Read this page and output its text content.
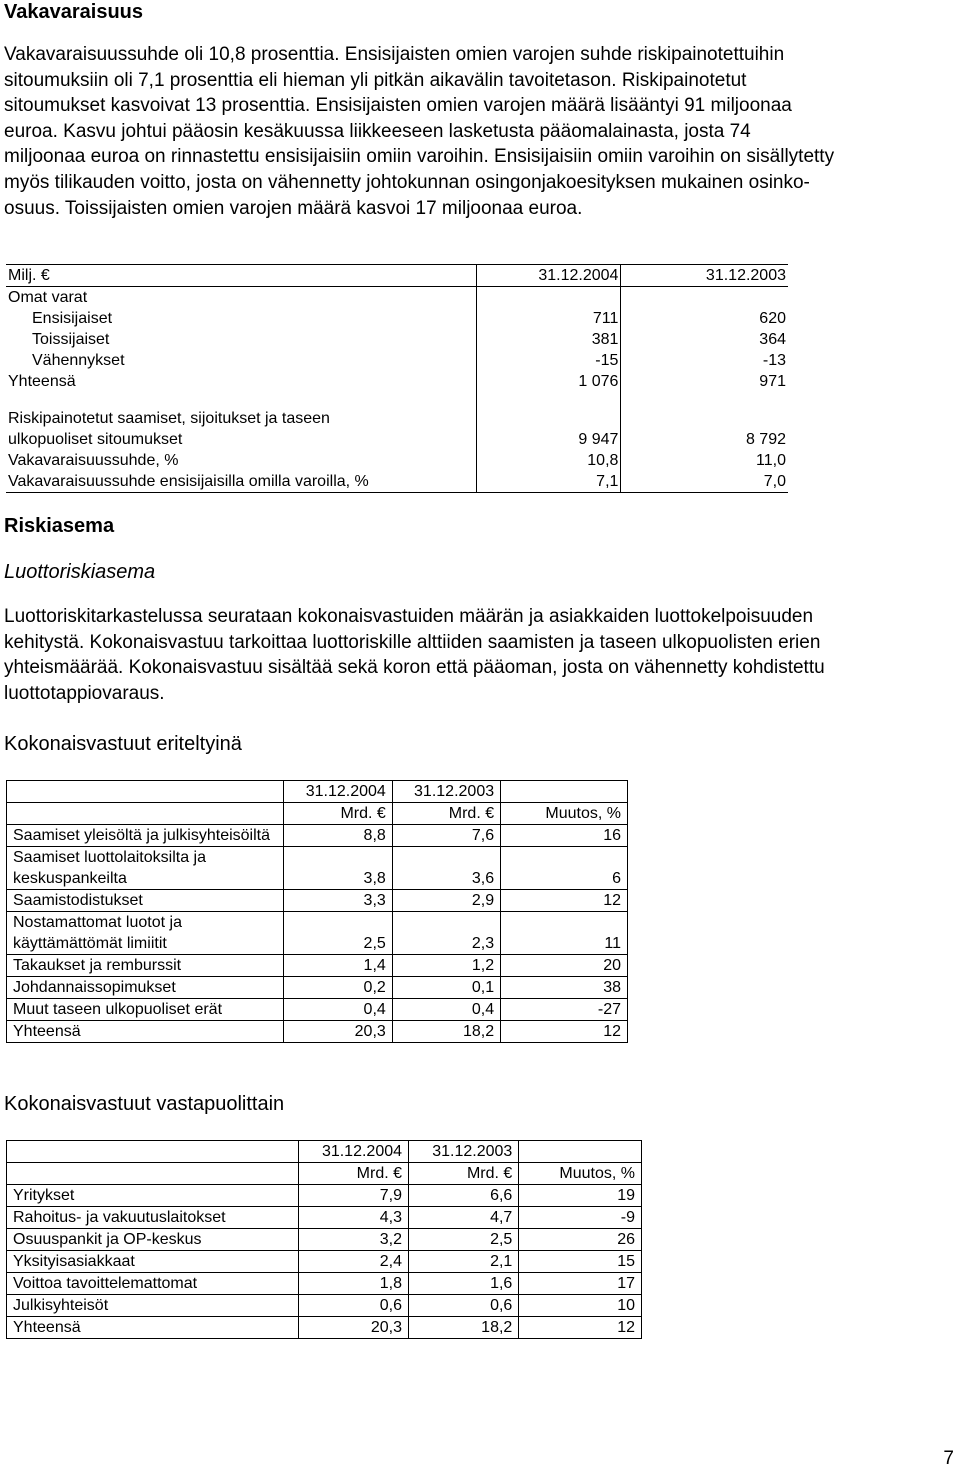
Vakavaraisuus
Vakavaraisuussuhde oli 10,8 prosenttia. Ensisijaisten omien varojen suhde riskipainotettuihin
sitoumuksiin oli 7,1 prosenttia eli hieman yli pitkän aikavälin tavoitetason. Riskipainotetut
sitoumukset kasvoivat 13 prosenttia. Ensisijaisten omien varojen määrä lisääntyi 91 miljoonaa
euroa. Kasvu johtui pääosin kesäkuussa liikkeeseen lasketusta pääomalainasta, josta 74
miljoonaa euroa on rinnastettu ensisijaisiin omiin varoihin. Ensisijaisiin omiin varoihin on sisällytetty
myös tilikauden voitto, josta on vähennetty johtokunnan osingonjakoesityksen mukainen osinko-
osuus. Toissijaisten omien varojen määrä kasvoi 17 miljoonaa euroa.
Milj. €	31.12.2004	31.12.2003
Omat varat		
Ensisijaiset	711	620
Toissijaiset	381	364
Vähennykset	-15	-13
Yhteensä	1 076	971

Riskipainotetut saamiset, sijoitukset ja taseen		
ulkopuoliset sitoumukset	9 947	8 792
Vakavaraisuussuhde, %	10,8	11,0
Vakavaraisuussuhde ensisijaisilla omilla varoilla, %	7,1	7,0
Riskiasema
Luottoriskiasema
Luottoriskitarkastelussa seurataan kokonaisvastuiden määrän ja asiakkaiden luottokelpoisuuden
kehitystä. Kokonaisvastuu tarkoittaa luottoriskille alttiiden saamisten ja taseen ulkopuolisten erien
yhteismäärää. Kokonaisvastuu sisältää sekä koron että pääoman, josta on vähennetty kohdistettu
luottotappiovaraus.
Kokonaisvastuut eriteltyinä
	31.12.2004	31.12.2003	
	Mrd. €	Mrd. €	Muutos, %
Saamiset yleisöltä ja julkisyhteisöiltä	8,8	7,6	16
Saamiset luottolaitoksilta ja keskuspankeilta	3,8	3,6	6
Saamistodistukset	3,3	2,9	12
Nostamattomat luotot ja käyttämättömät limiitit	2,5	2,3	11
Takaukset ja remburssit	1,4	1,2	20
Johdannaissopimukset	0,2	0,1	38
Muut taseen ulkopuoliset erät	0,4	0,4	-27
Yhteensä	20,3	18,2	12
Kokonaisvastuut vastapuolittain
	31.12.2004	31.12.2003	
	Mrd. €	Mrd. €	Muutos, %
Yritykset	7,9	6,6	19
Rahoitus- ja vakuutuslaitokset	4,3	4,7	-9
Osuuspankit ja OP-keskus	3,2	2,5	26
Yksityisasiakkaat	2,4	2,1	15
Voittoa tavoittelemattomat	1,8	1,6	17
Julkisyhteisöt	0,6	0,6	10
Yhteensä	20,3	18,2	12
7
